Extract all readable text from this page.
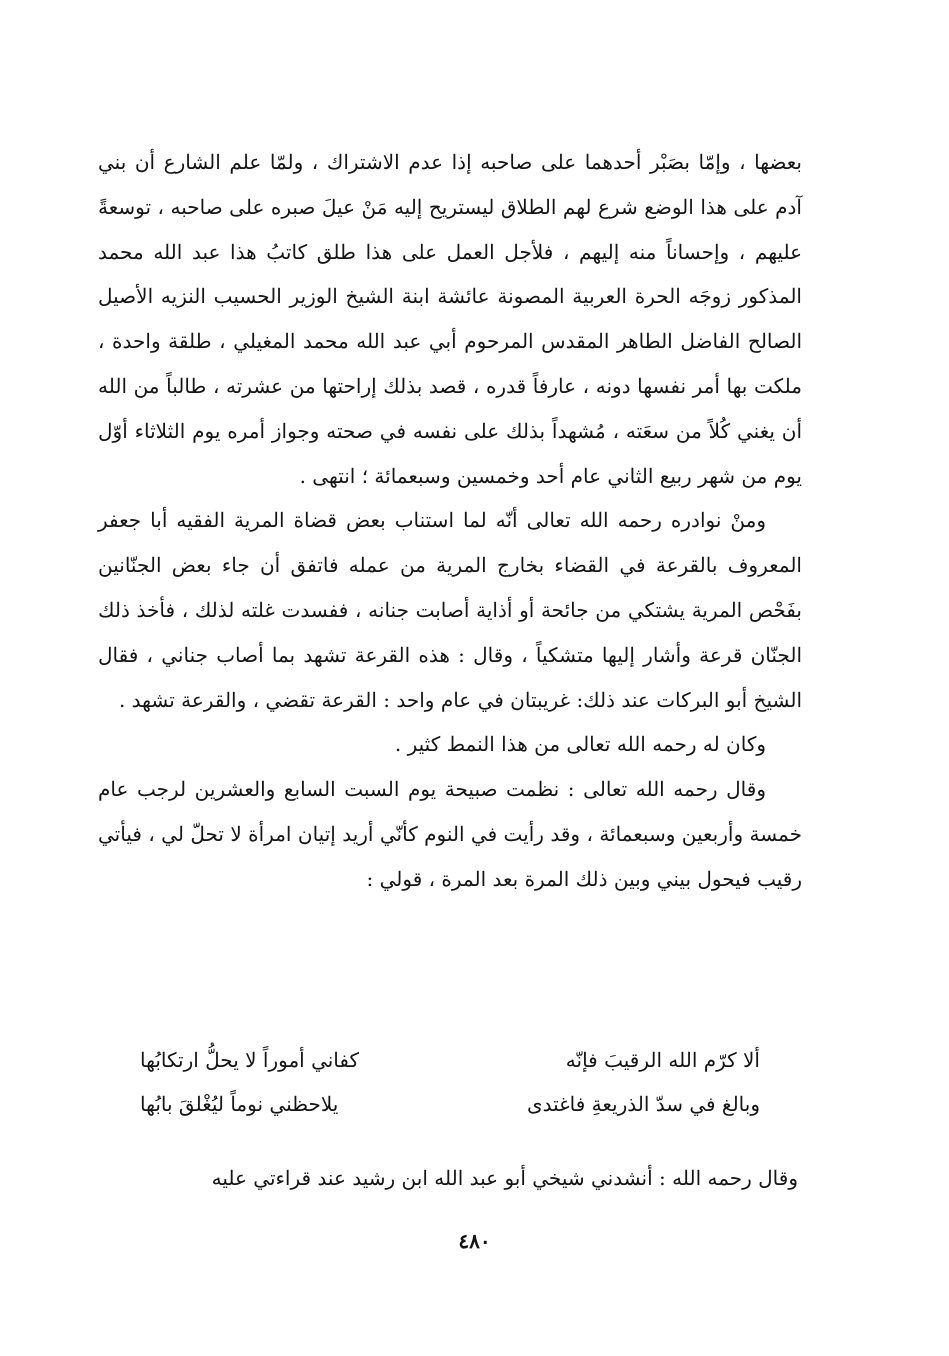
بعضها ، وإمّا بصَبْر أحدهما على صاحبه إذا عدم الاشتراك ، ولمّا علم الشارع أن بني آدم على هذا الوضع شرع لهم الطلاق ليستريح إليه مَنْ عيلَ صبره على صاحبه ، توسعةً عليهم ، وإحساناً منه إليهم ، فلأجل العمل على هذا طلق كاتبُ هذا عبد الله محمد المذكور زوجَه الحرة العربية المصونة عائشة ابنة الشيخ الوزير الحسيب النزيه الأصيل الصالح الفاضل الطاهر المقدس المرحوم أبي عبد الله محمد المغيلي ، طلقة واحدة ، ملكت بها أمر نفسها دونه ، عارفاً قدره ، قصد بذلك إراحتها من عشرته ، طالباً من الله أن يغني كُلاً من سعَته ، مُشهداً بذلك على نفسه في صحته وجواز أمره يوم الثلاثاء أوّل يوم من شهر ربيع الثاني عام أحد وخمسين وسبعمائة ؛ انتهى .

ومنْ نوادره رحمه الله تعالى أنّه لما استناب بعض قضاة المرية الفقيه أبا جعفر المعروف بالقرعة في القضاء بخارج المرية من عمله فاتفق أن جاء بعض الجنّانين بفَحْص المرية يشتكي من جائحة أو أذاية أصابت جنانه ، ففسدت غلته لذلك ، فأخذ ذلك الجنّان قرعة وأشار إليها متشكياً ، وقال : هذه القرعة تشهد بما أصاب جناني ، فقال الشيخ أبو البركات عند ذلك: غريبتان في عام واحد : القرعة تقضي ، والقرعة تشهد .

وكان له رحمه الله تعالى من هذا النمط كثير .

وقال رحمه الله تعالى : نظمت صبيحة يوم السبت السابع والعشرين لرجب عام خمسة وأربعين وسبعمائة ، وقد رأيت في النوم كأنّي أريد إتيان امرأة لا تحلّ لي ، فيأتي رقيب فيحول بيني وبين ذلك المرة بعد المرة ، قولي :

ألا كرّم الله الرقيبَ فإنّه
كفاني أموراً لا يحلُّ ارتكابُها
وبالغ في سدّ الذريعةِ فاغتدى
يلاحظني نوماً ليُغْلقَ بابُها
وقال رحمه الله : أنشدني شيخي أبو عبد الله ابن رشيد عند قراءتي عليه
٤٨٠
